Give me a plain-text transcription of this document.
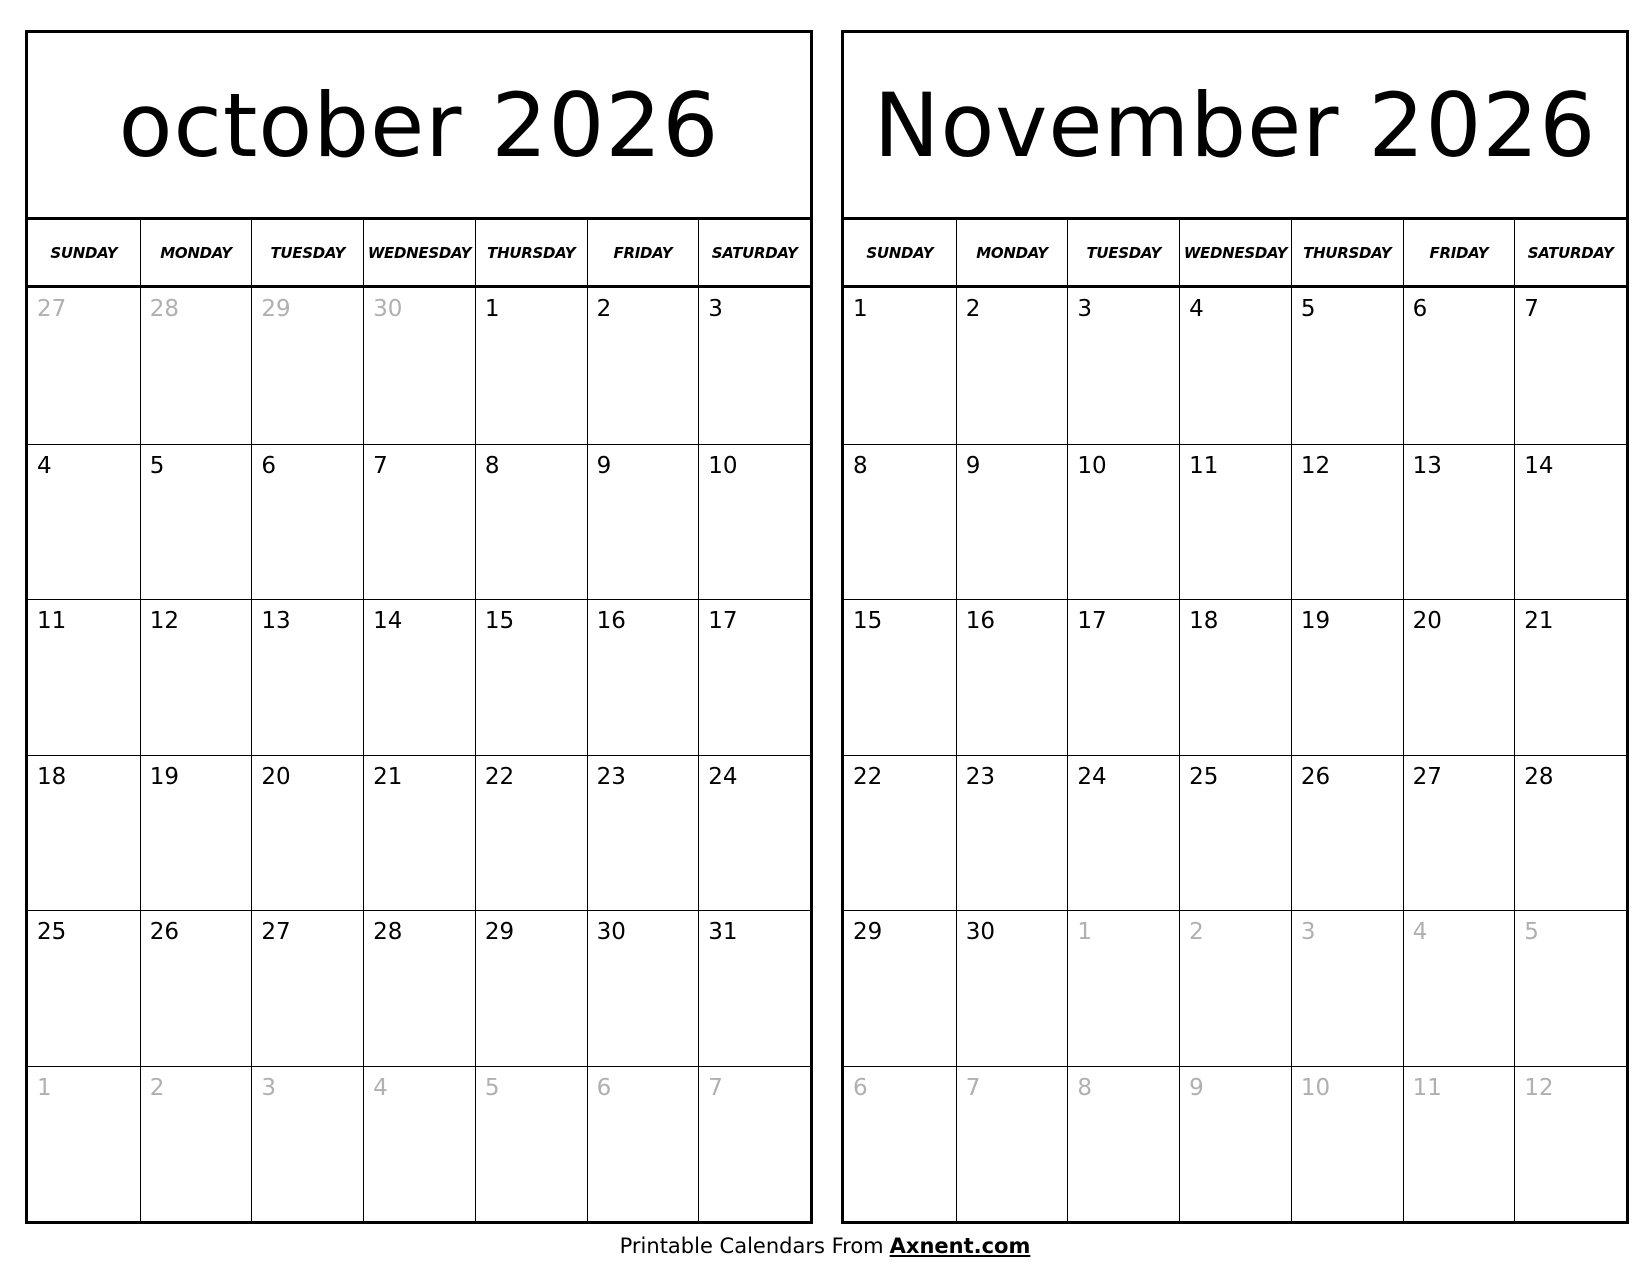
october 2026
SUNDAY	MONDAY	TUESDAY	WEDNESDAY	THURSDAY	FRIDAY	SATURDAY
27	28	29	30	1	2	3
4	5	6	7	8	9	10
11	12	13	14	15	16	17
18	19	20	21	22	23	24
25	26	27	28	29	30	31
1	2	3	4	5	6	7
November 2026
SUNDAY	MONDAY	TUESDAY	WEDNESDAY	THURSDAY	FRIDAY	SATURDAY
1	2	3	4	5	6	7
8	9	10	11	12	13	14
15	16	17	18	19	20	21
22	23	24	25	26	27	28
29	30	1	2	3	4	5
6	7	8	9	10	11	12
Printable Calendars From Axnent.com
